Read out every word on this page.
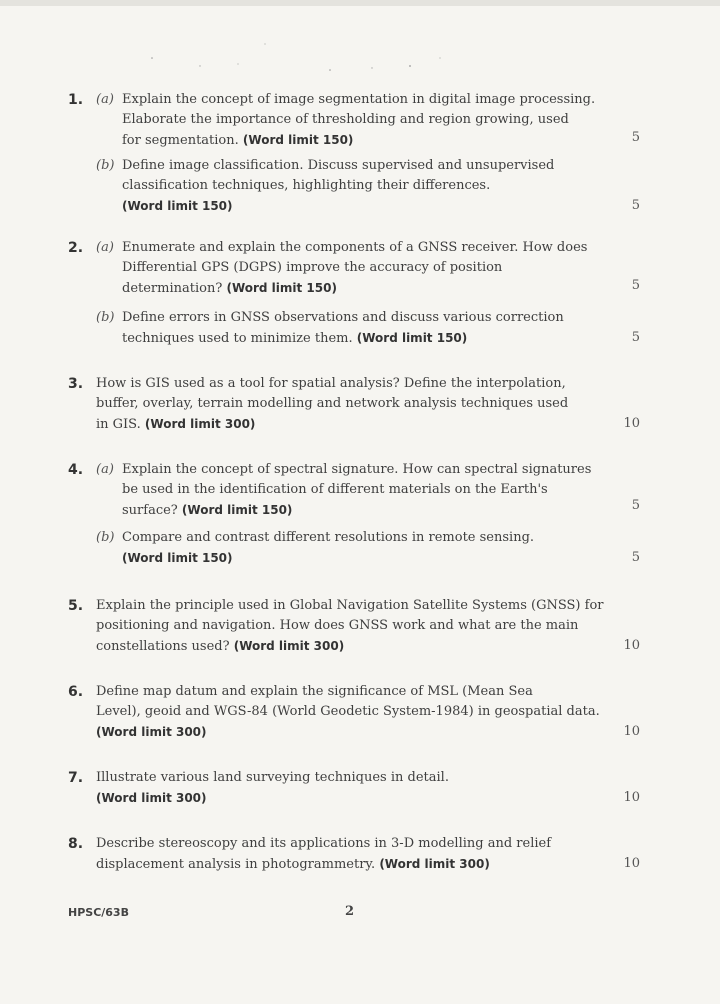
1. (a) Explain the concept of image segmentation in digital image processing.
Elaborate the importance of thresholding and region growing, used
for segmentation. (Word limit 150)	5
(b) Define image classification. Discuss supervised and unsupervised
classification techniques, highlighting their differences.
(Word limit 150)	5
2. (a) Enumerate and explain the components of a GNSS receiver. How does
Differential GPS (DGPS) improve the accuracy of position
determination? (Word limit 150)	5
(b) Define errors in GNSS observations and discuss various correction
techniques used to minimize them. (Word limit 150)	5
3. How is GIS used as a tool for spatial analysis? Define the interpolation,
buffer, overlay, terrain modelling and network analysis techniques used
in GIS. (Word limit 300)	10
4. (a) Explain the concept of spectral signature. How can spectral signatures
be used in the identification of different materials on the Earth's
surface? (Word limit 150)	5
(b) Compare and contrast different resolutions in remote sensing.
(Word limit 150)	5
5. Explain the principle used in Global Navigation Satellite Systems (GNSS) for
positioning and navigation. How does GNSS work and what are the main
constellations used? (Word limit 300)	10
6. Define map datum and explain the significance of MSL (Mean Sea
Level), geoid and WGS-84 (World Geodetic System-1984) in geospatial data.
(Word limit 300)	10
7. Illustrate various land surveying techniques in detail.
(Word limit 300)	10
8. Describe stereoscopy and its applications in 3-D modelling and relief
displacement analysis in photogrammetry. (Word limit 300)	10
HPSC/63B	2
